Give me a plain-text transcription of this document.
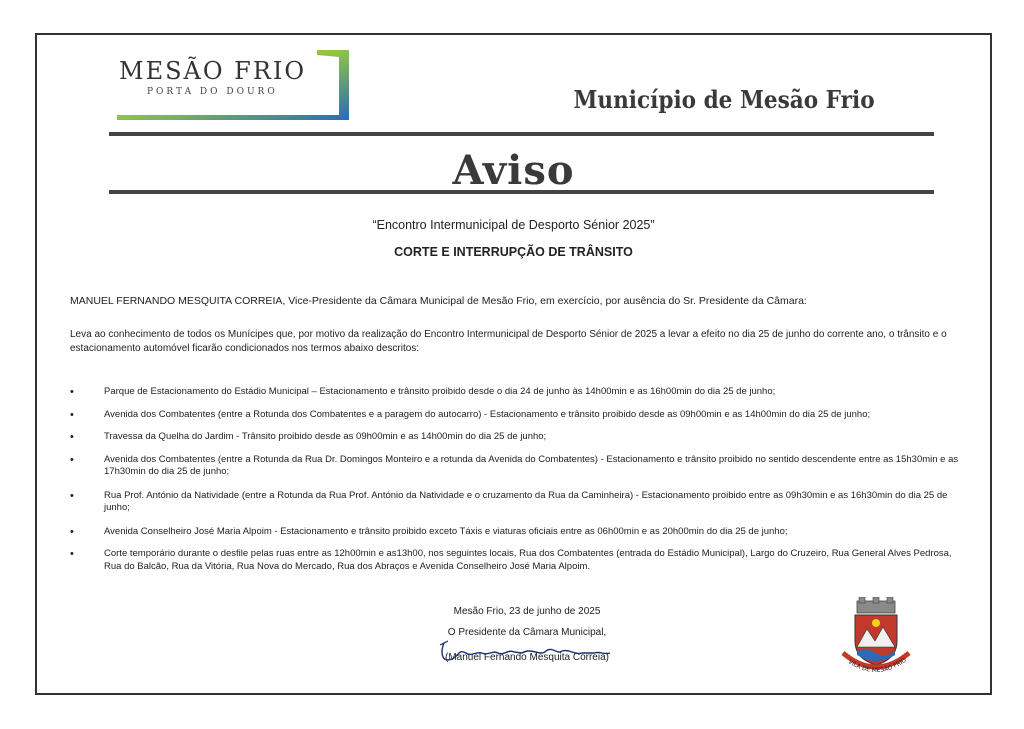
MESÃO FRIO
PORTA DO DOURO	Município de Mesão Frio
Aviso
“Encontro Intermunicipal de Desporto Sénior 2025”
CORTE E INTERRUPÇÃO DE TRÂNSITO
MANUEL FERNANDO MESQUITA CORREIA, Vice-Presidente da Câmara Municipal de Mesão Frio, em exercício, por ausência do Sr. Presidente da Câmara:
Leva ao conhecimento de todos os Munícipes que, por motivo da realização do Encontro Intermunicipal de Desporto Sénior de 2025 a levar a efeito no dia 25 de junho do corrente ano, o trânsito e o estacionamento automóvel ficarão condicionados nos termos abaixo descritos:
• Parque de Estacionamento do Estádio Municipal – Estacionamento e trânsito proibido desde o dia 24 de junho às 14h00min e as 16h00min do dia 25 de junho;
• Avenida dos Combatentes (entre a Rotunda dos Combatentes e a paragem do autocarro) - Estacionamento e trânsito proibido desde as 09h00min e as 14h00min do dia 25 de junho;
• Travessa da Quelha do Jardim - Trânsito proibido desde as 09h00min e as 14h00min do dia 25 de junho;
• Avenida dos Combatentes (entre a Rotunda da Rua Dr. Domingos Monteiro e a rotunda da Avenida do Combatentes) - Estacionamento e trânsito proibido no sentido descendente entre as 15h30min e as 17h30min do dia 25 de junho;
• Rua Prof. António da Natividade (entre a Rotunda da Rua Prof. António da Natividade e o cruzamento da Rua da Caminheira) - Estacionamento proibido entre as 09h30min e as 16h30min do dia 25 de junho;
• Avenida Conselheiro José Maria Alpoim - Estacionamento e trânsito proibido exceto Táxis e viaturas oficiais entre as 06h00min e as 20h00min do dia 25 de junho;
• Corte temporário durante o desfile pelas ruas entre as 12h00min e as13h00, nos seguintes locais, Rua dos Combatentes (entrada do Estádio Municipal), Largo do Cruzeiro, Rua General Alves Pedrosa, Rua do Balcão, Rua da Vitória, Rua Nova do Mercado, Rua dos Abraços e Avenida Conselheiro José Maria Alpoim.
Mesão Frio, 23 de junho de 2025
O Presidente da Câmara Municipal,
(Manuel Fernando Mesquita Correia)	VILA DE MESÃO FRIO
